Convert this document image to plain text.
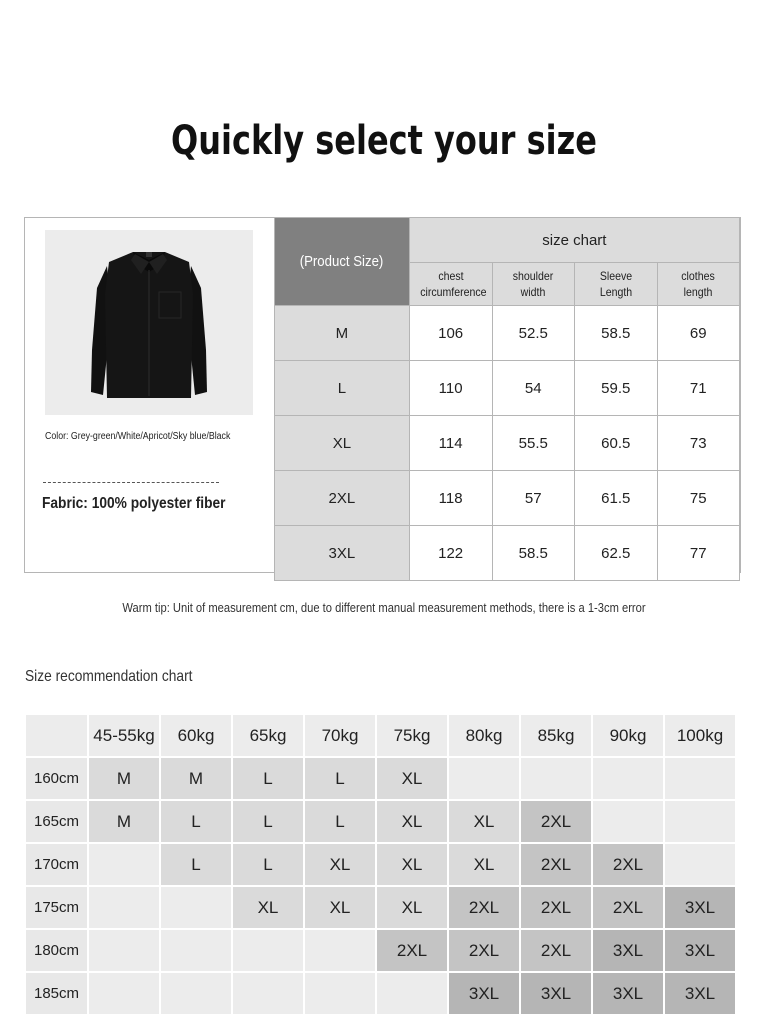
Quickly select your size
Color: Grey-green/White/Apricot/Sky blue/Black
Fabric: 100% polyester fiber
(Product Size)	size chart			
	chest circumference	shoulder width	Sleeve Length	clothes length
M	106	52.5	58.5	69
L	110	54	59.5	71
XL	114	55.5	60.5	73
2XL	118	57	61.5	75
3XL	122	58.5	62.5	77
Warm tip: Unit of measurement cm, due to different manual measurement methods, there is a 1-3cm error
Size recommendation chart
	45-55kg	60kg	65kg	70kg	75kg	80kg	85kg	90kg	100kg
160cm	M	M	L	L	XL				
165cm	M	L	L	L	XL	XL	2XL		
170cm		L	L	XL	XL	XL	2XL	2XL	
175cm			XL	XL	XL	2XL	2XL	2XL	3XL
180cm					2XL	2XL	2XL	3XL	3XL
185cm						3XL	3XL	3XL	3XL
